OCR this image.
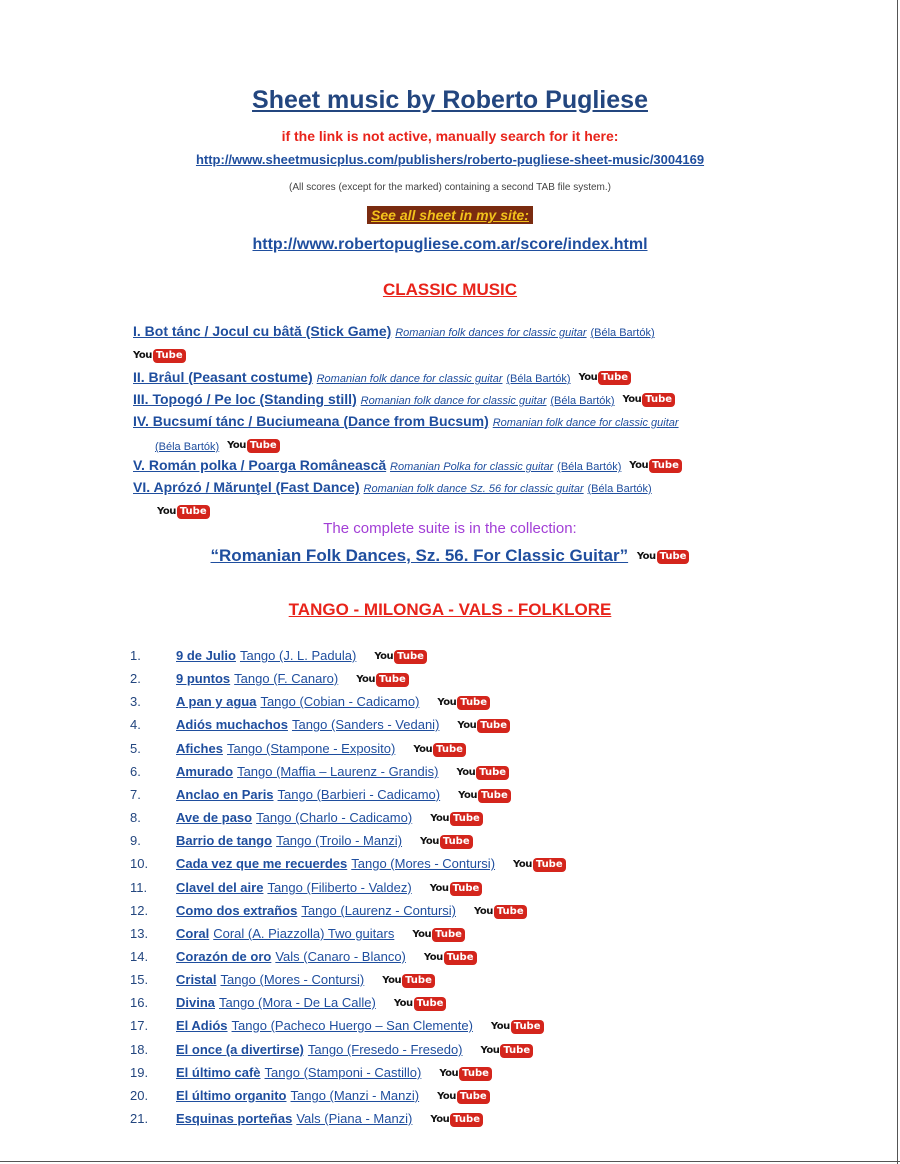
Sheet music by Roberto Pugliese
if the link is not active, manually search for it here:
http://www.sheetmusicplus.com/publishers/roberto-pugliese-sheet-music/3004169
(All scores (except for the marked) containing a second TAB file system.)
See all sheet in my site:
http://www.robertopugliese.com.ar/score/index.html
CLASSIC MUSIC
I. Bot tánc / Jocul cu bâtă (Stick Game) Romanian folk dances for classic guitar (Béla Bartók)
You Tube
II. Brâul (Peasant costume) Romanian folk dance for classic guitar (Béla Bartók) You Tube
III. Topogó / Pe loc (Standing still) Romanian folk dance for classic guitar (Béla Bartók) You Tube
IV. Bucsumí tánc / Buciumeana (Dance from Bucsum) Romanian folk dance for classic guitar
(Béla Bartók) You Tube
V. Román polka / Poarga Românească Romanian Polka for classic guitar (Béla Bartók) You Tube
VI. Aprózó / Mărunţel (Fast Dance) Romanian folk dance Sz. 56 for classic guitar (Béla Bartók)
You Tube
The complete suite is in the collection:
“Romanian Folk Dances, Sz. 56. For Classic Guitar” You Tube
TANGO - MILONGA - VALS - FOLKLORE
1.	9 de Julio Tango (J. L. Padula) You Tube
2.	9 puntos Tango (F. Canaro) You Tube
3.	A pan y agua Tango (Cobian - Cadicamo) You Tube
4.	Adiós muchachos Tango (Sanders - Vedani) You Tube
5.	Afiches Tango (Stampone - Exposito) You Tube
6.	Amurado Tango (Maffia – Laurenz - Grandis) You Tube
7.	Anclao en Paris Tango (Barbieri - Cadicamo) You Tube
8.	Ave de paso Tango (Charlo - Cadicamo) You Tube
9.	Barrio de tango Tango (Troilo - Manzi) You Tube
10. Cada vez que me recuerdes Tango (Mores - Contursi) You Tube
11. Clavel del aire Tango (Filiberto - Valdez) You Tube
12. Como dos extraños Tango (Laurenz - Contursi) You Tube
13. Coral Coral (A. Piazzolla) Two guitars You Tube
14. Corazón de oro Vals (Canaro - Blanco) You Tube
15. Cristal Tango (Mores - Contursi) You Tube
16. Divina Tango (Mora - De La Calle) You Tube
17. El Adiós Tango (Pacheco Huergo – San Clemente) You Tube
18. El once (a divertirse) Tango (Fresedo - Fresedo) You Tube
19. El último cafè Tango (Stamponi - Castillo) You Tube
20. El último organito Tango (Manzi - Manzi) You Tube
21. Esquinas porteñas Vals (Piana - Manzi) You Tube
